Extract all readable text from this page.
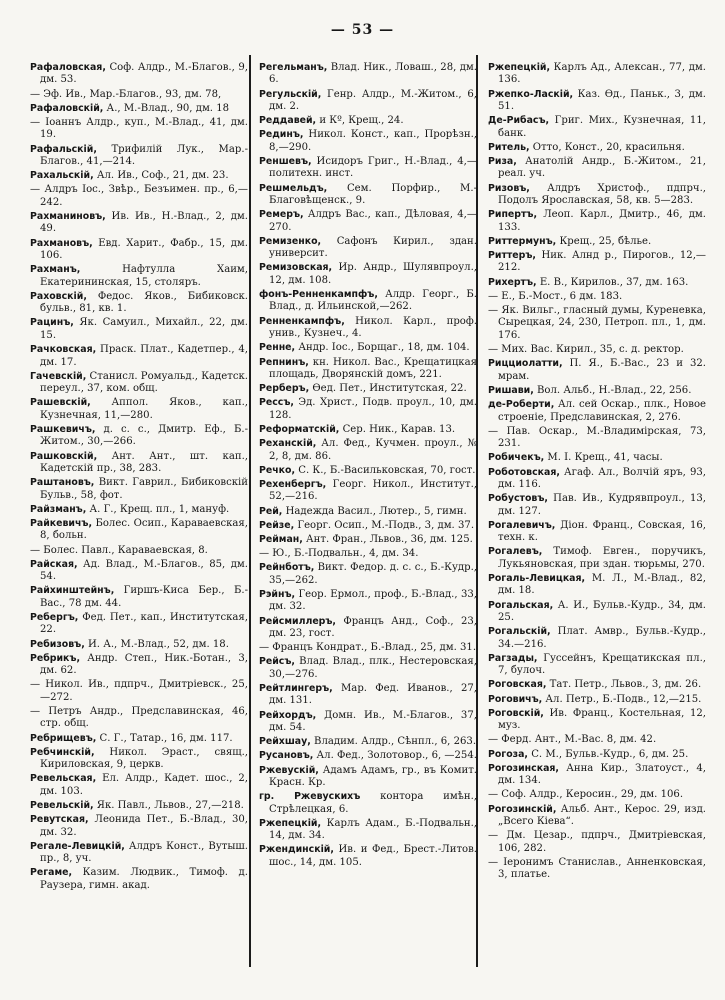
— 53 —

Рафаловская, Соф. Алдр., М.-Благов., 9, дм. 53.

— Эф. Ив., Мар.-Благов., 93, дм. 78,

Рафаловскій, А., М.-Влад., 90, дм. 18

— Іоаннъ Алдр., куп., М.-Влад., 41, дм. 19.

Рафальскій, Трифилій Лук., Мар.-Благов., 41,—214.

Рахальскій, Ал. Ив., Соф., 21, дм. 23.

— Алдръ Іос., Звѣр., Безъимен. пр., 6,—242.

Рахманиновъ, Ив. Ив., Н.-Влад., 2, дм. 49.

Рахмановъ, Евд. Харит., Фабр., 15, дм. 106.

Рахманъ, Нафтулла Хаим, Екатерининская, 15, столяръ.

Раховскій, Федос. Яков., Бибиковск. бульв., 81, кв. 1.

Рацинъ, Як. Самуил., Михайл., 22, дм. 15.

Рачковская, Праск. Плат., Кадетпер., 4, дм. 17.

Гачевскій, Станисл. Ромуальд., Кадетск. переул., 37, ком. общ.

Рашевскій, Аппол. Яков., кап., Кузнечная, 11,—280.

Рашкевичъ, д. с. с., Дмитр. Еф., Б.-Житом., 30,—266.

Рашковскій, Ант. Ант., шт. кап., Кадетскій пр., 38, 283.

Раштановъ, Викт. Гаврил., Бибиковскій Бульв., 58, фот.

Райзманъ, А. Г., Крещ. пл., 1, мануф.

Райкевичъ, Болес. Осип., Караваевская, 8, больн.

— Болес. Павл., Караваевская, 8.

Райская, Ад. Влад., М.-Благов., 85, дм. 54.

Райхинштейнъ, Гиршъ-Киса Бер., Б.-Вас., 78 дм. 44.

Ребергъ, Фед. Пет., кап., Институтская, 22.

Ребизовъ, И. А., М.-Влад., 52, дм. 18.

Ребрикъ, Андр. Степ., Ник.-Ботан., 3, дм. 62.

— Никол. Ив., пдпрч., Дмитріевск., 25,—272.

— Петръ Андр., Предславинская, 46, стр. общ.

Ребрищевъ, С. Г., Татар., 16, дм. 117.

Ребчинскій, Никол. Эраст., свящ., Кириловская, 9, церкв.

Ревельская, Ел. Алдр., Кадет. шос., 2, дм. 103.

Ревельскій, Як. Павл., Львов., 27,—218.

Ревутская, Леонида Пет., Б.-Влад., 30, дм. 32.

Регале-Левицкій, Алдръ Конст., Вутыш. пр., 8, уч.

Регаме, Казим. Людвик., Тимоф. д. Раузера, гимн. акад.

Регельманъ, Влад. Ник., Ловаш., 28, дм. 6.

Регульскій, Генр. Алдр., М.-Житом., 6, дм. 2.

Реддавей, и Кº, Крещ., 24.

Рединъ, Никол. Конст., кап., Прорѣзн., 8,—290.

Реншевъ, Исидоръ Григ., Н.-Влад., 4,—политехн. инст.

Решмельдъ, Сем. Порфир., М.-Благовѣщенск., 9.

Ремеръ, Алдръ Вас., кап., Дѣловая, 4,—270.

Ремизенко, Сафонъ Кирил., здан. университ.

Ремизовская, Ир. Андр., Шулявпроул., 12, дм. 108.

фонъ-Ренненкампфъ, Алдр. Георг., Б. Влад., д. Ильинской,—262.

Ренненкампфъ, Никол. Карл., проф. унив., Кузнеч., 4.

Ренне, Андр. Іос., Борщаг., 18, дм. 104.

Репнинъ, кн. Никол. Вас., Крещатицкая площадь, Дворянскій домъ, 221.

Рерберъ, Ѳед. Пет., Институтская, 22.

Рессъ, Эд. Христ., Подв. проул., 10, дм. 128.

Реформатскій, Сер. Ник., Карав. 13.

Реханскій, Ал. Фед., Кучмен. проул., № 2, 8, дм. 86.

Речко, С. К., Б.-Васильковская, 70, гост.

Рехенбергъ, Георг. Никол., Институт., 52,—216.

Рей, Надежда Васил., Лютер., 5, гимн.

Рейзе, Георг. Осип., М.-Подв., 3, дм. 37.

Рейман, Ант. Фран., Львов., 36, дм. 125.

— Ю., Б.-Подвальн., 4, дм. 34.

Рейнботъ, Викт. Федор. д. с. с., Б.-Кудр., 35,—262.

Рэйнъ, Геор. Ермол., проф., Б.-Влад., 33, дм. 32.

Рейсмиллеръ, Францъ Анд., Соф., 23, дм. 23, гост.

— Францъ Кондрат., Б.-Влад., 25, дм. 31.

Рейсъ, Влад. Влад., плк., Нестеровская, 30,—276.

Рейтлингеръ, Мар. Фед. Иванов., 27, дм. 131.

Рейхордъ, Домн. Ив., М.-Благов., 37, дм. 54.

Рейхшау, Владим. Алдр., Сѣнпл., 6, 263.

Русановъ, Ал. Фед., Золотовор., 6, —254.

Ржевускій, Адамъ Адамъ, гр., въ Комит. Красн. Кр.

гр. Ржевускихъ контора имѣн., Стрѣлецкая, 6.

Ржепецкій, Карлъ Адам., Б.-Подвальн., 14, дм. 34.

Ржендинскій, Ив. и Фед., Брест.-Литов. шос., 14, дм. 105.

Ржепецкій, Карлъ Ад., Алексан., 77, дм. 136.

Ржепко-Ласкій, Каз. Ѳд., Паньк., 3, дм. 51.

Де-Рибасъ, Григ. Мих., Кузнечная, 11, банк.

Ритель, Отто, Конст., 20, красильня.

Риза, Анатолій Андр., Б.-Житом., 21, реал. уч.

Ризовъ, Алдръ Христоф., пдпрч., Подолъ Ярославская, 58, кв. 5—283.

Рипертъ, Леоп. Карл., Дмитр., 46, дм. 133.

Риттермунъ, Крещ., 25, бѣлье.

Риттеръ, Ник. Алнд р., Пирогов., 12,—212.

Рихертъ, Е. В., Кирилов., 37, дм. 163.

— Е., Б.-Мост., 6 дм. 183.

— Як. Вильг., гласный думы, Куреневка, Сырецкая, 24, 230, Петроп. пл., 1, дм. 176.

— Мих. Вас. Кирил., 35, с. д. ректор.

Рицциолатти, П. Я., Б.-Вас., 23 и 32. мрам.

Ришави, Вол. Альб., Н.-Влад., 22, 256.

де-Роберти, Ал. сей Оскар., плк., Новое строеніе, Предславинская, 2, 276.

— Пав. Оскар., М.-Владимірская, 73, 231.

Робичекъ, М. І. Крещ., 41, часы.

Роботовская, Агаф. Ал., Волчій яръ, 93, дм. 116.

Робустовъ, Пав. Ив., Кудрявпроул., 13, дм. 127.

Рогалевичъ, Діон. Франц., Совская, 16, техн. к.

Рогалевъ, Тимоф. Евген., поручикъ, Лукьяновская, при здан. тюрьмы, 270.

Рогаль-Левицкая, М. Л., М.-Влад., 82, дм. 18.

Рогальская, А. И., Бульв.-Кудр., 34, дм. 25.

Рогальскій, Плат. Амвр., Бульв.-Кудр., 34.—216.

Рагзады, Гуссейнъ, Крещатикская пл., 7, булоч.

Роговская, Тат. Петр., Львов., 3, дм. 26.

Роговичъ, Ал. Петр., Б.-Подв., 12,—215.

Роговскій, Ив. Франц., Костельная, 12, муз.

— Ферд. Ант., М.-Вас. 8, дм. 42.

Рогоза, С. М., Бульв.-Кудр., 6, дм. 25.

Рогозинская, Анна Кир., Златоуст., 4, дм. 134.

— Соф. Алдр., Керосин., 29, дм. 106.

Рогозинскій, Альб. Ант., Керос. 29, изд. „Всего Кіева“.

— Дм. Цезар., пдпрч., Дмитріевская, 106, 282.

— Іеронимъ Станислав., Анненковская, 3, платье.
